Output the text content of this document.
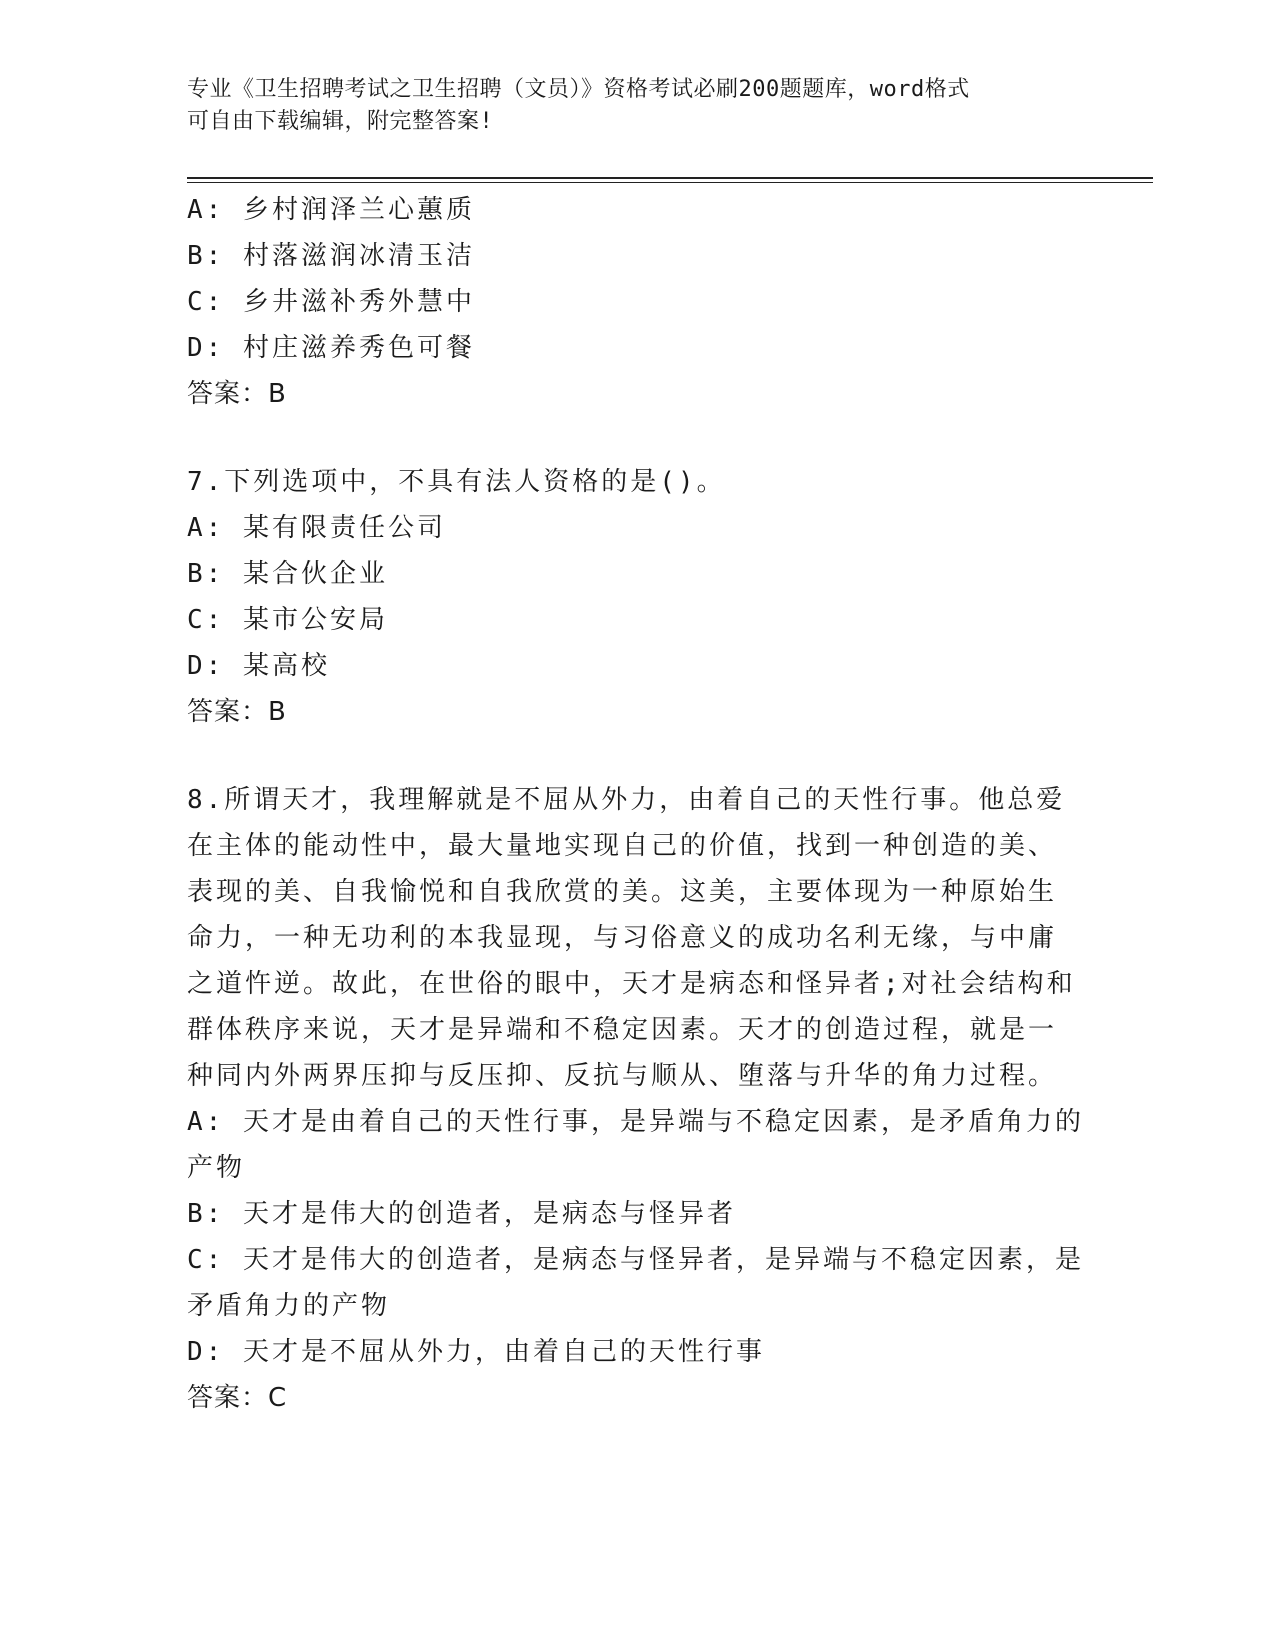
专业《卫生招聘考试之卫生招聘（文员）》资格考试必刷200题题库，word格式
可自由下载编辑，附完整答案!
A: 乡村润泽兰心蕙质
B: 村落滋润冰清玉洁
C: 乡井滋补秀外慧中
D: 村庄滋养秀色可餐
答案：B
7.下列选项中，不具有法人资格的是()。
A: 某有限责任公司
B: 某合伙企业
C: 某市公安局
D: 某高校
答案：B
8.所谓天才，我理解就是不屈从外力，由着自己的天性行事。他总爱
在主体的能动性中，最大量地实现自己的价值，找到一种创造的美、
表现的美、自我愉悦和自我欣赏的美。这美，主要体现为一种原始生
命力，一种无功利的本我显现，与习俗意义的成功名利无缘，与中庸
之道忤逆。故此，在世俗的眼中，天才是病态和怪异者;对社会结构和
群体秩序来说，天才是异端和不稳定因素。天才的创造过程，就是一
种同内外两界压抑与反压抑、反抗与顺从、堕落与升华的角力过程。
A: 天才是由着自己的天性行事，是异端与不稳定因素，是矛盾角力的
产物
B: 天才是伟大的创造者，是病态与怪异者
C: 天才是伟大的创造者，是病态与怪异者，是异端与不稳定因素，是
矛盾角力的产物
D: 天才是不屈从外力，由着自己的天性行事
答案：C
